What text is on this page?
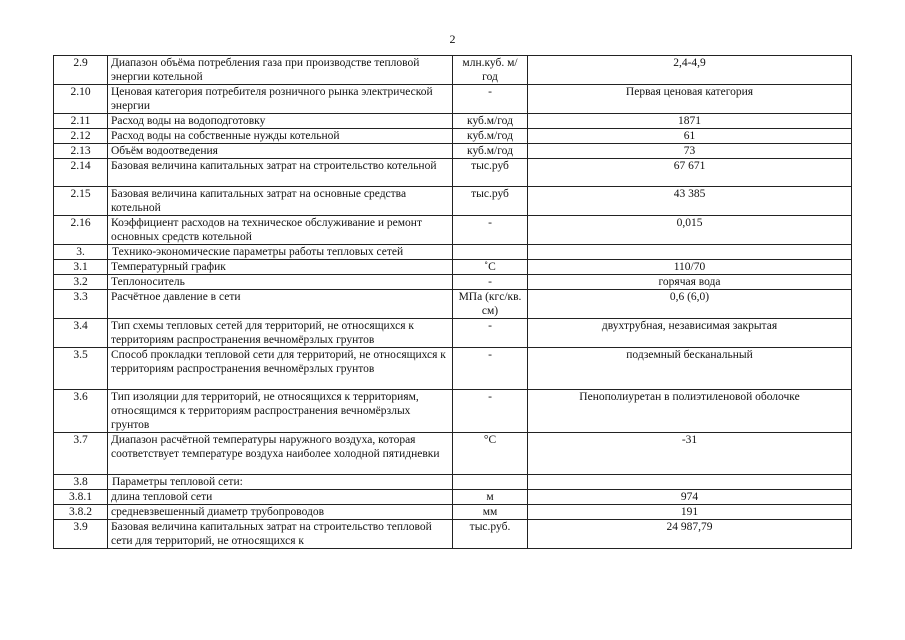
2
2.9	Диапазон объёма потребления газа при производстве тепловой энергии котельной	млн.куб. м/ год	2,4-4,9
2.10	Ценовая категория потребителя розничного рынка электрической энергии	-	Первая ценовая категория
2.11	Расход воды на водоподготовку	куб.м/год	1871
2.12	Расход воды на собственные нужды котельной	куб.м/год	61
2.13	Объём водоотведения	куб.м/год	73
2.14	Базовая величина капитальных затрат на строительство котельной	тыс.руб	67 671
2.15	Базовая величина капитальных затрат на основные средства котельной	тыс.руб	43 385
2.16	Коэффициент расходов на техническое обслуживание и ремонт основных средств котельной	-	0,015
3.	Технико-экономические параметры работы тепловых сетей		
3.1	Температурный график	˚С	110/70
3.2	Теплоноситель	-	горячая вода
3.3	Расчётное давление в сети	МПа (кгс/кв. см)	0,6 (6,0)
3.4	Тип схемы тепловых сетей для территорий, не относящихся к территориям распространения вечномёрзлых грунтов	-	двухтрубная, независимая закрытая
3.5	Способ прокладки тепловой сети для территорий, не относящихся к территориям распространения вечномёрзлых грунтов	-	подземный бесканальный
3.6	Тип изоляции для территорий, не относящихся к территориям, относящимся к территориям распространения вечномёрзлых грунтов	-	Пенополиуретан в полиэтиленовой оболочке
3.7	Диапазон расчётной температуры наружного воздуха, которая соответствует температуре воздуха наиболее холодной пятидневки	°С	-31
3.8	Параметры тепловой сети:		
3.8.1	длина тепловой сети	м	974
3.8.2	средневзвешенный диаметр трубопроводов	мм	191
3.9	Базовая величина капитальных затрат на строительство тепловой сети для территорий, не относящихся к	тыс.руб.	24 987,79
